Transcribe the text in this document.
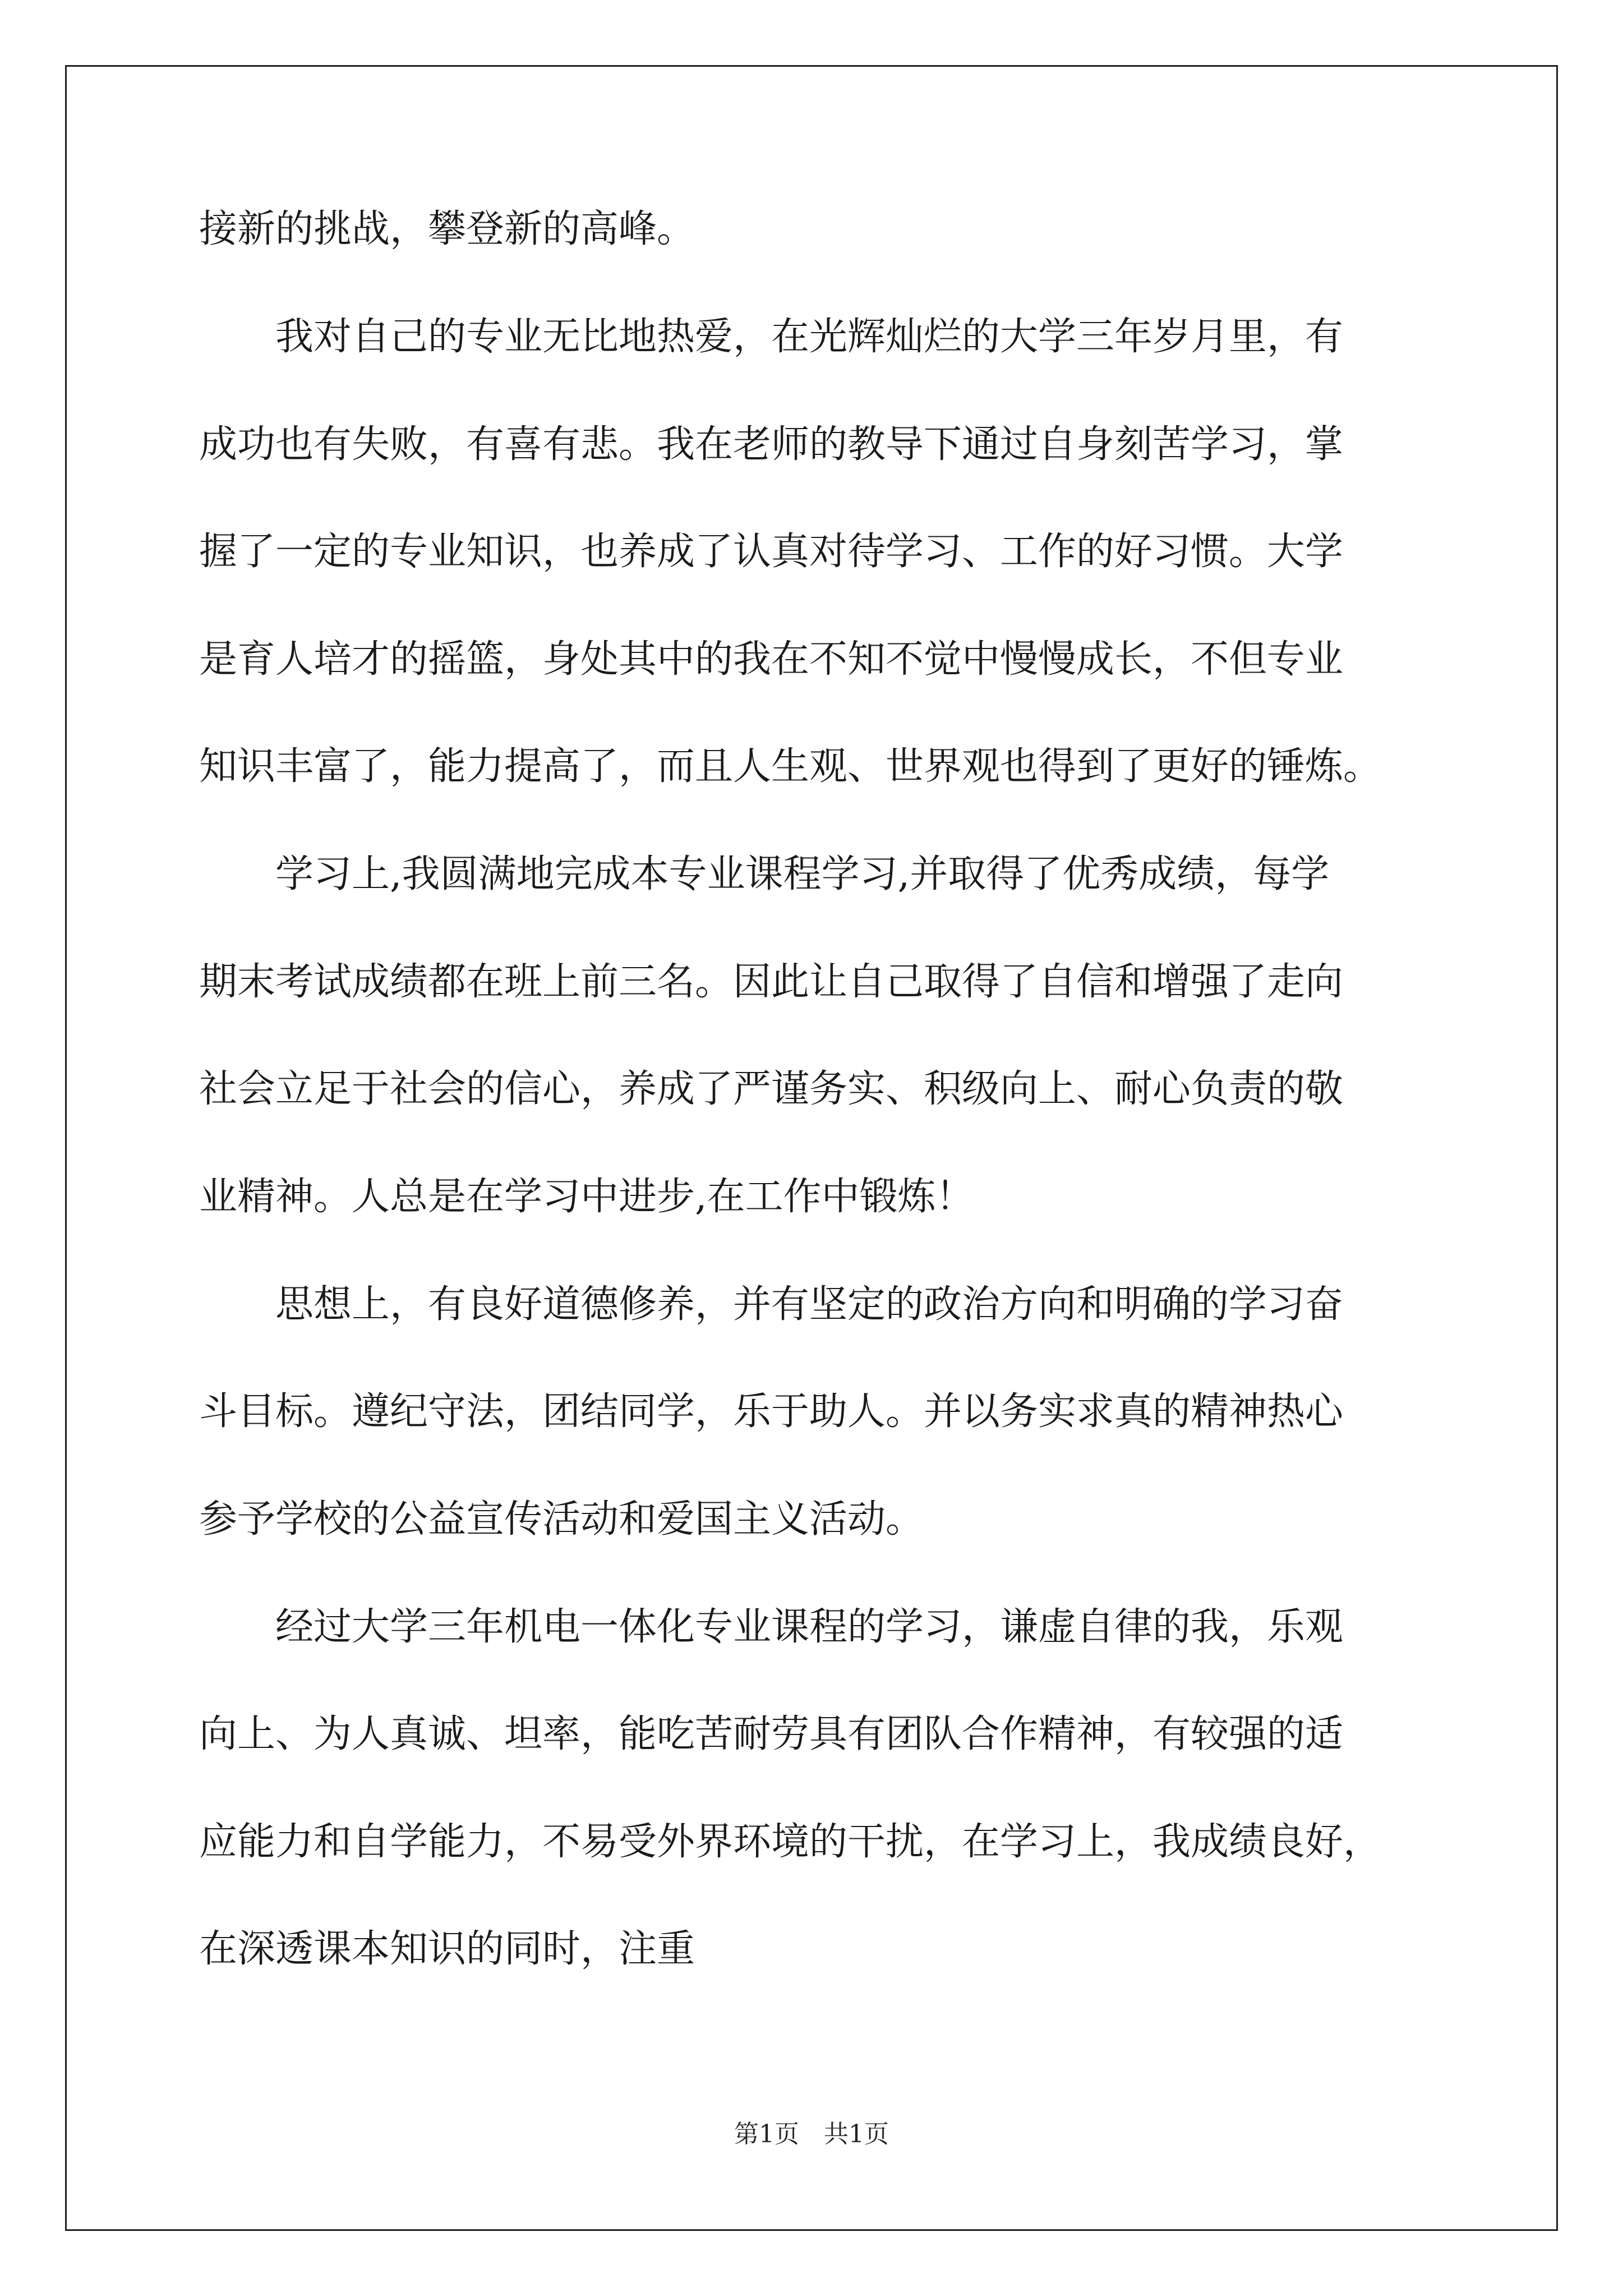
接新的挑战，攀登新的高峰。
　　我对自己的专业无比地热爱，在光辉灿烂的大学三年岁月里，有
成功也有失败，有喜有悲。我在老师的教导下通过自身刻苦学习，掌
握了一定的专业知识，也养成了认真对待学习、工作的好习惯。大学
是育人培才的摇篮，身处其中的我在不知不觉中慢慢成长，不但专业
知识丰富了，能力提高了，而且人生观、世界观也得到了更好的锤炼。
　　学习上,我圆满地完成本专业课程学习,并取得了优秀成绩，每学
期末考试成绩都在班上前三名。因此让自己取得了自信和增强了走向
社会立足于社会的信心，养成了严谨务实、积级向上、耐心负责的敬
业精神。人总是在学习中进步,在工作中锻炼！
　　思想上，有良好道德修养，并有坚定的政治方向和明确的学习奋
斗目标。遵纪守法，团结同学，乐于助人。并以务实求真的精神热心
参予学校的公益宣传活动和爱国主义活动。
　　经过大学三年机电一体化专业课程的学习，谦虚自律的我，乐观
向上、为人真诚、坦率，能吃苦耐劳具有团队合作精神，有较强的适
应能力和自学能力，不易受外界环境的干扰，在学习上，我成绩良好，
在深透课本知识的同时，注重
第1页　共1页
